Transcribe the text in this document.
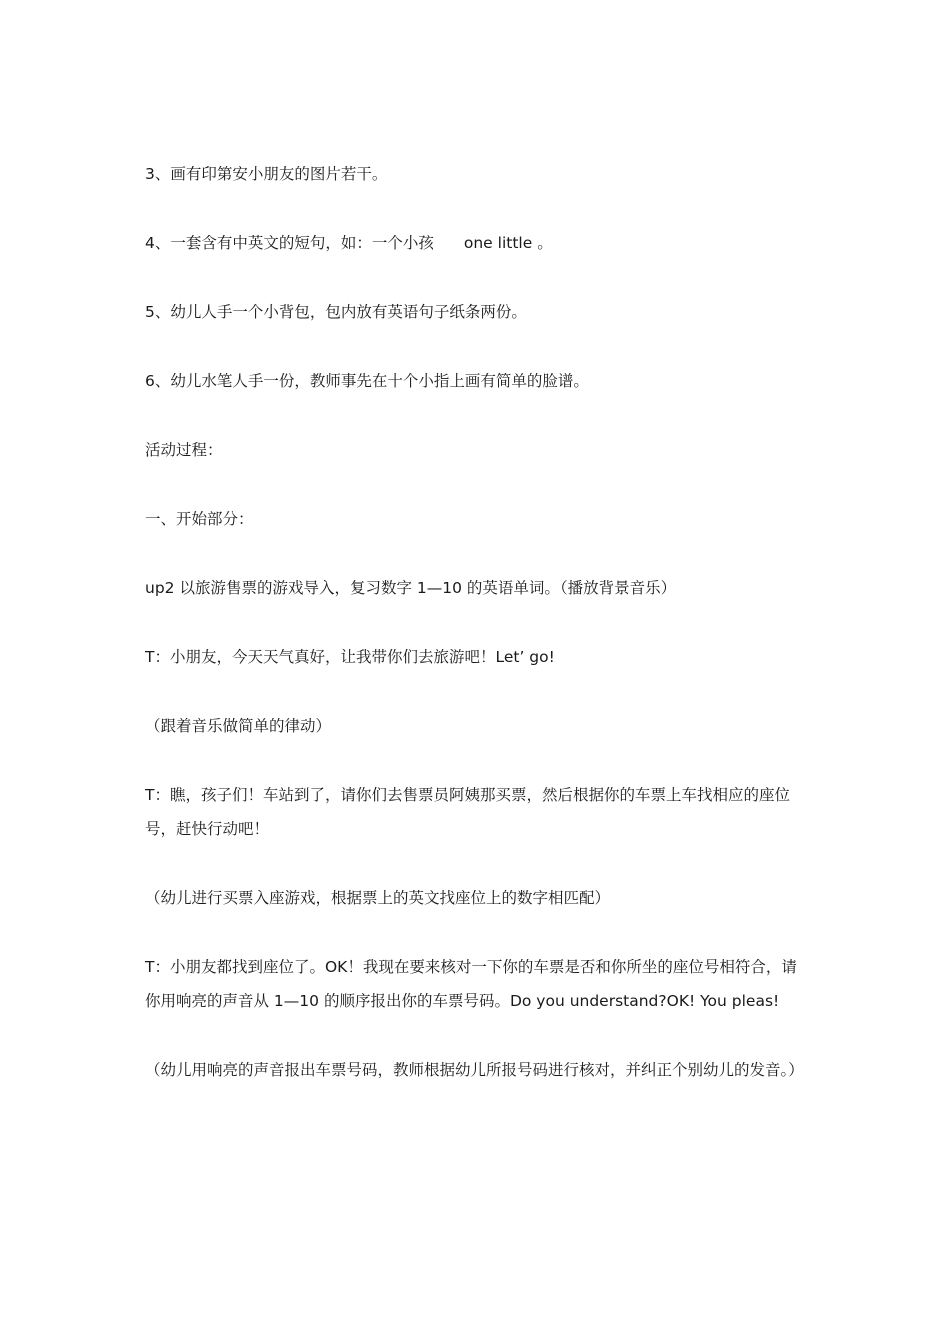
3、画有印第安小朋友的图片若干。

4、一套含有中英文的短句，如：一个小孩 one little 。

5、幼儿人手一个小背包，包内放有英语句子纸条两份。

6、幼儿水笔人手一份，教师事先在十个小指上画有简单的脸谱。

活动过程：

一、开始部分：

up2 以旅游售票的游戏导入，复习数字 1—10 的英语单词。（播放背景音乐）

T：小朋友，今天天气真好，让我带你们去旅游吧！Let’ go!

（跟着音乐做简单的律动）

T：瞧，孩子们！车站到了，请你们去售票员阿姨那买票，然后根据你的车票上车找相应的座位号，赶快行动吧！

（幼儿进行买票入座游戏，根据票上的英文找座位上的数字相匹配）

T：小朋友都找到座位了。OK！我现在要来核对一下你的车票是否和你所坐的座位号相符合，请你用响亮的声音从 1—10 的顺序报出你的车票号码。Do you understand?OK! You pleas!

（幼儿用响亮的声音报出车票号码，教师根据幼儿所报号码进行核对，并纠正个别幼儿的发音。）
